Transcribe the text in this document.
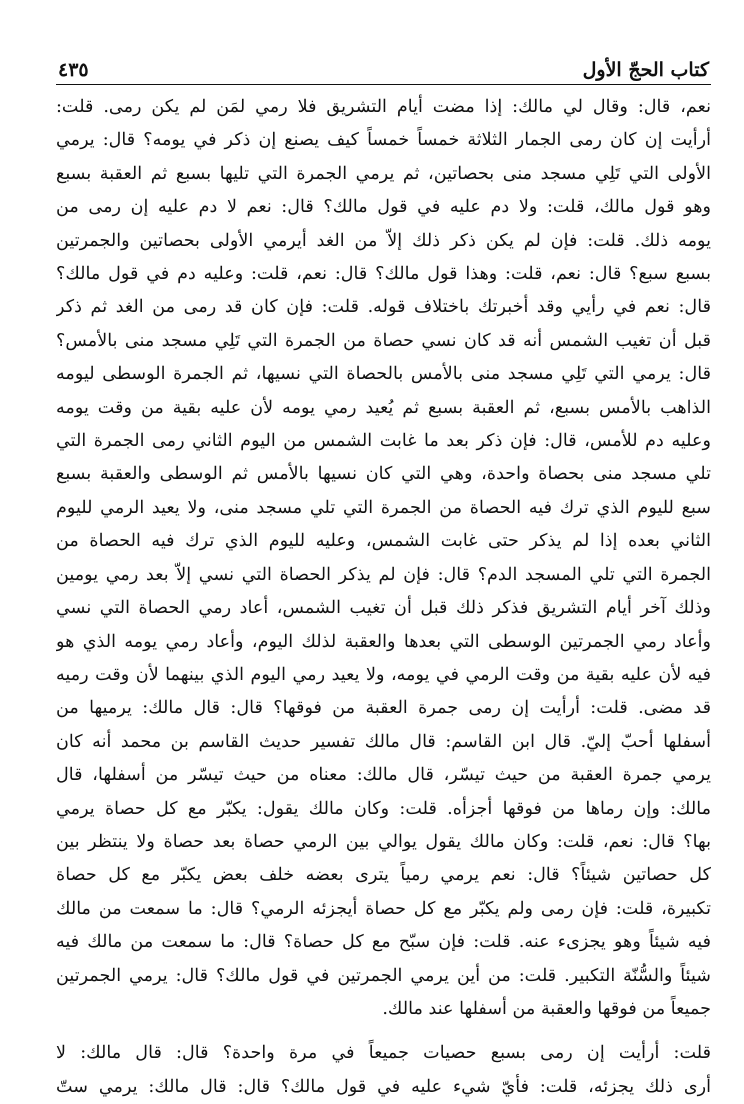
كتاب الحجّ الأول
٤٣٥
نعم، قال: وقال لي مالك: إذا مضت أيام التشريق فلا رمي لمَن لم يكن رمى. قلت:
أرأيت إن كان رمى الجمار الثلاثة خمساً خمساً كيف يصنع إن ذكر في يومه؟ قال: يرمي
الأولى التي تَلِي مسجد منى بحصاتين، ثم يرمي الجمرة التي تليها بسبع ثم العقبة بسبع
وهو قول مالك، قلت: ولا دم عليه في قول مالك؟ قال: نعم لا دم عليه إن رمى من
يومه ذلك. قلت: فإن لم يكن ذكر ذلك إلاّ من الغد أيرمي الأولى بحصاتين والجمرتين
بسبع سبع؟ قال: نعم، قلت: وهذا قول مالك؟ قال: نعم، قلت: وعليه دم في قول مالك؟
قال: نعم في رأيي وقد أخبرتك باختلاف قوله. قلت: فإن كان قد رمى من الغد ثم ذكر
قبل أن تغيب الشمس أنه قد كان نسي حصاة من الجمرة التي تَلِي مسجد منى بالأمس؟
قال: يرمي التي تَلِي مسجد منى بالأمس بالحصاة التي نسيها، ثم الجمرة الوسطى ليومه
الذاهب بالأمس بسبع، ثم العقبة بسبع ثم يُعيد رمي يومه لأن عليه بقية من وقت يومه
وعليه دم للأمس، قال: فإن ذكر بعد ما غابت الشمس من اليوم الثاني رمى الجمرة التي
تلي مسجد منى بحصاة واحدة، وهي التي كان نسيها بالأمس ثم الوسطى والعقبة بسبع
سبع لليوم الذي ترك فيه الحصاة من الجمرة التي تلي مسجد منى، ولا يعيد الرمي لليوم
الثاني بعده إذا لم يذكر حتى غابت الشمس، وعليه لليوم الذي ترك فيه الحصاة من
الجمرة التي تلي المسجد الدم؟ قال: فإن لم يذكر الحصاة التي نسي إلاّ بعد رمي يومين
وذلك آخر أيام التشريق فذكر ذلك قبل أن تغيب الشمس، أعاد رمي الحصاة التي نسي
وأعاد رمي الجمرتين الوسطى التي بعدها والعقبة لذلك اليوم، وأعاد رمي يومه الذي هو
فيه لأن عليه بقية من وقت الرمي في يومه، ولا يعيد رمي اليوم الذي بينهما لأن وقت رميه
قد مضى. قلت: أرأيت إن رمى جمرة العقبة من فوقها؟ قال: قال مالك: يرميها من
أسفلها أحبّ إليّ. قال ابن القاسم: قال مالك تفسير حديث القاسم بن محمد أنه كان
يرمي جمرة العقبة من حيث تيسّر، قال مالك: معناه من حيث تيسّر من أسفلها، قال
مالك: وإن رماها من فوقها أجزأه. قلت: وكان مالك يقول: يكبّر مع كل حصاة يرمي
بها؟ قال: نعم، قلت: وكان مالك يقول يوالي بين الرمي حصاة بعد حصاة ولا ينتظر بين
كل حصاتين شيئاً؟ قال: نعم يرمي رمياً يترى بعضه خلف بعض يكبّر مع كل حصاة
تكبيرة، قلت: فإن رمى ولم يكبّر مع كل حصاة أيجزئه الرمي؟ قال: ما سمعت من مالك
فيه شيئاً وهو يجزىء عنه. قلت: فإن سبّح مع كل حصاة؟ قال: ما سمعت من مالك فيه
شيئاً والسُّنّة التكبير. قلت: من أين يرمي الجمرتين في قول مالك؟ قال: يرمي الجمرتين
جميعاً من فوقها والعقبة من أسفلها عند مالك.
قلت: أرأيت إن رمى بسبع حصيات جميعاً في مرة واحدة؟ قال: قال مالك: لا
أرى ذلك يجزئه، قلت: فأيّ شيء عليه في قول مالك؟ قال: قال مالك: يرمي ستّ
